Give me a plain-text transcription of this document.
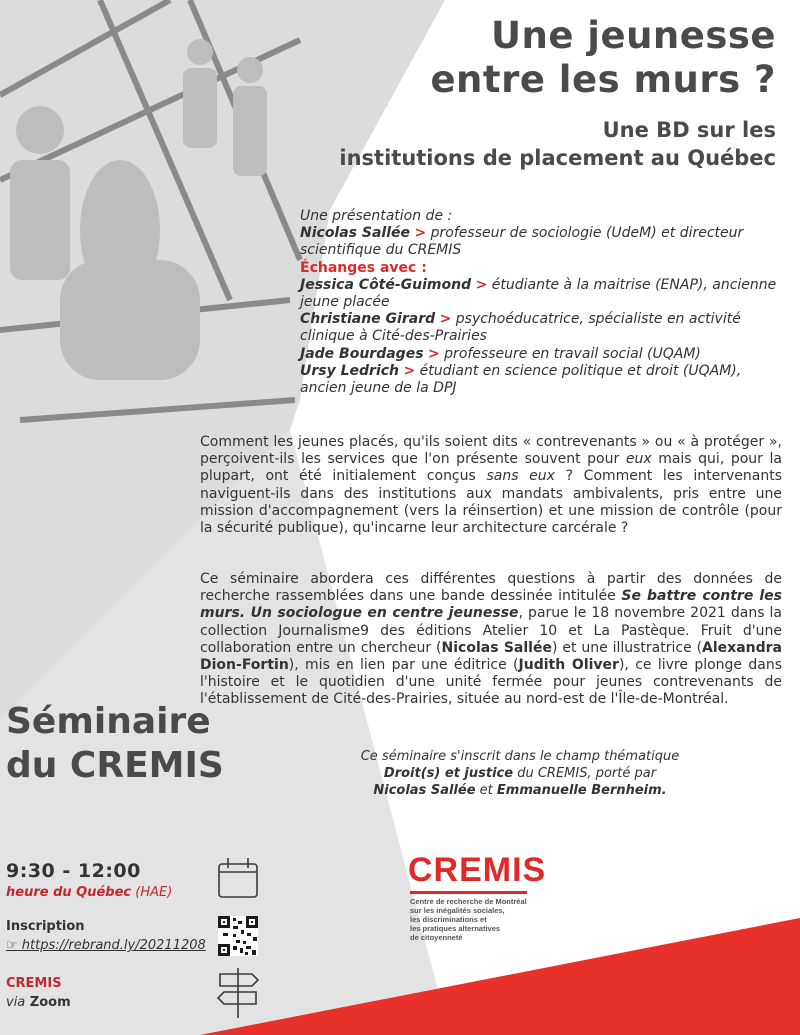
Une jeunesse
entre les murs ?
Une BD sur les
institutions de placement au Québec
Une présentation de :
Nicolas Sallée > professeur de sociologie (UdeM) et directeur scientifique du CREMIS
Échanges avec :
Jessica Côté-Guimond > étudiante à la maitrise (ENAP), ancienne jeune placée
Christiane Girard > psychoéducatrice, spécialiste en activité clinique à Cité-des-Prairies
Jade Bourdages > professeure en travail social (UQAM)
Ursy Ledrich > étudiant en science politique et droit (UQAM), ancien jeune de la DPJ
Comment les jeunes placés, qu'ils soient dits « contrevenants » ou « à protéger », perçoivent-ils les services que l'on présente souvent pour eux mais qui, pour la plupart, ont été initialement conçus sans eux ? Comment les intervenants naviguent-ils dans des institutions aux mandats ambivalents, pris entre une mission d'accompagnement (vers la réinsertion) et une mission de contrôle (pour la sécurité publique), qu'incarne leur architecture carcérale ?
Ce séminaire abordera ces différentes questions à partir des données de recherche rassemblées dans une bande dessinée intitulée Se battre contre les murs. Un sociologue en centre jeunesse, parue le 18 novembre 2021 dans la collection Journalisme9 des éditions Atelier 10 et La Pastèque. Fruit d'une collaboration entre un chercheur (Nicolas Sallée) et une illustratrice (Alexandra Dion-Fortin), mis en lien par une éditrice (Judith Oliver), ce livre plonge dans l'histoire et le quotidien d'une unité fermée pour jeunes contrevenants de l'établissement de Cité-des-Prairies, située au nord-est de l'Île-de-Montréal.
Ce séminaire s'inscrit dans le champ thématique
Droit(s) et justice du CREMIS, porté par
Nicolas Sallée et Emmanuelle Bernheim.
Séminaire
du CREMIS
9:30 - 12:00
heure du Québec (HAE)
Inscription
☞ https://rebrand.ly/20211208
CREMIS
via Zoom
CREMIS
Centre de recherche de Montréal
sur les inégalités sociales,
les discriminations et
les pratiques alternatives
de citoyenneté
